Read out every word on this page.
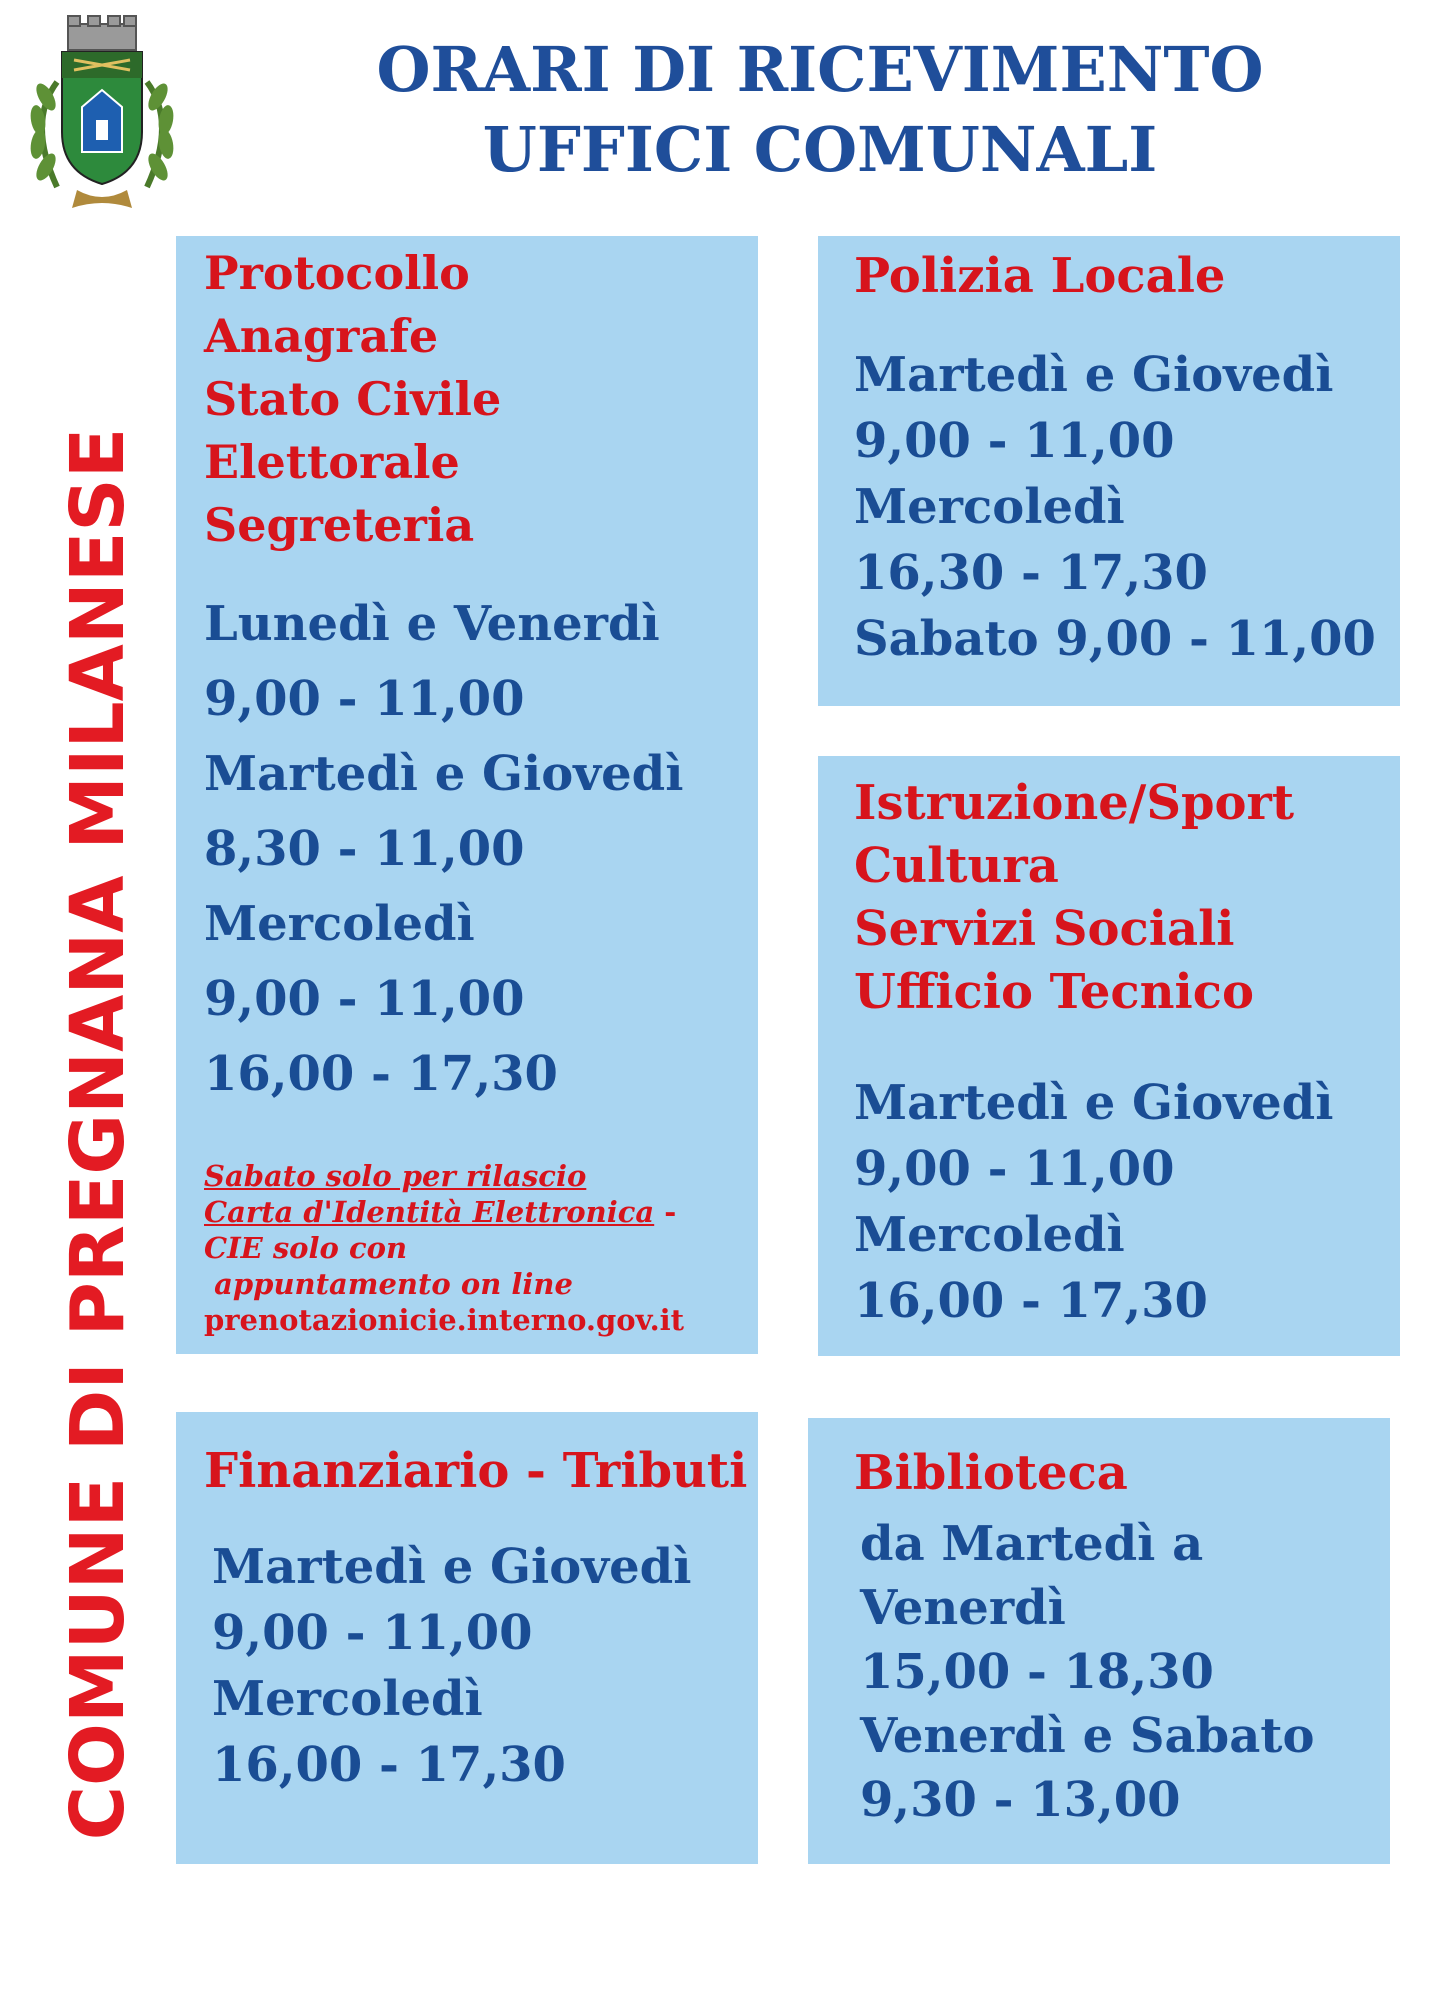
ORARI DI RICEVIMENTO
UFFICI COMUNALI
COMUNE DI PREGNANA MILANESE
Protocollo
Anagrafe
Stato Civile
Elettorale
Segreteria
Lunedì e Venerdì
9,00 - 11,00
Martedì e Giovedì
8,30 - 11,00
Mercoledì
9,00 - 11,00
16,00 - 17,30
Sabato solo per rilascio
Carta d'Identità Elettronica -
CIE solo con
appuntamento on line
prenotazionicie.interno.gov.it
Polizia Locale
Martedì e Giovedì
9,00 - 11,00
Mercoledì
16,30 - 17,30
Sabato 9,00 - 11,00
Istruzione/Sport
Cultura
Servizi Sociali
Ufficio Tecnico
Martedì e Giovedì
9,00 - 11,00
Mercoledì
16,00 - 17,30
Finanziario - Tributi
Martedì e Giovedì
9,00 - 11,00
Mercoledì
16,00 - 17,30
Biblioteca
da Martedì a
Venerdì
15,00 - 18,30
Venerdì e Sabato
9,30 - 13,00
